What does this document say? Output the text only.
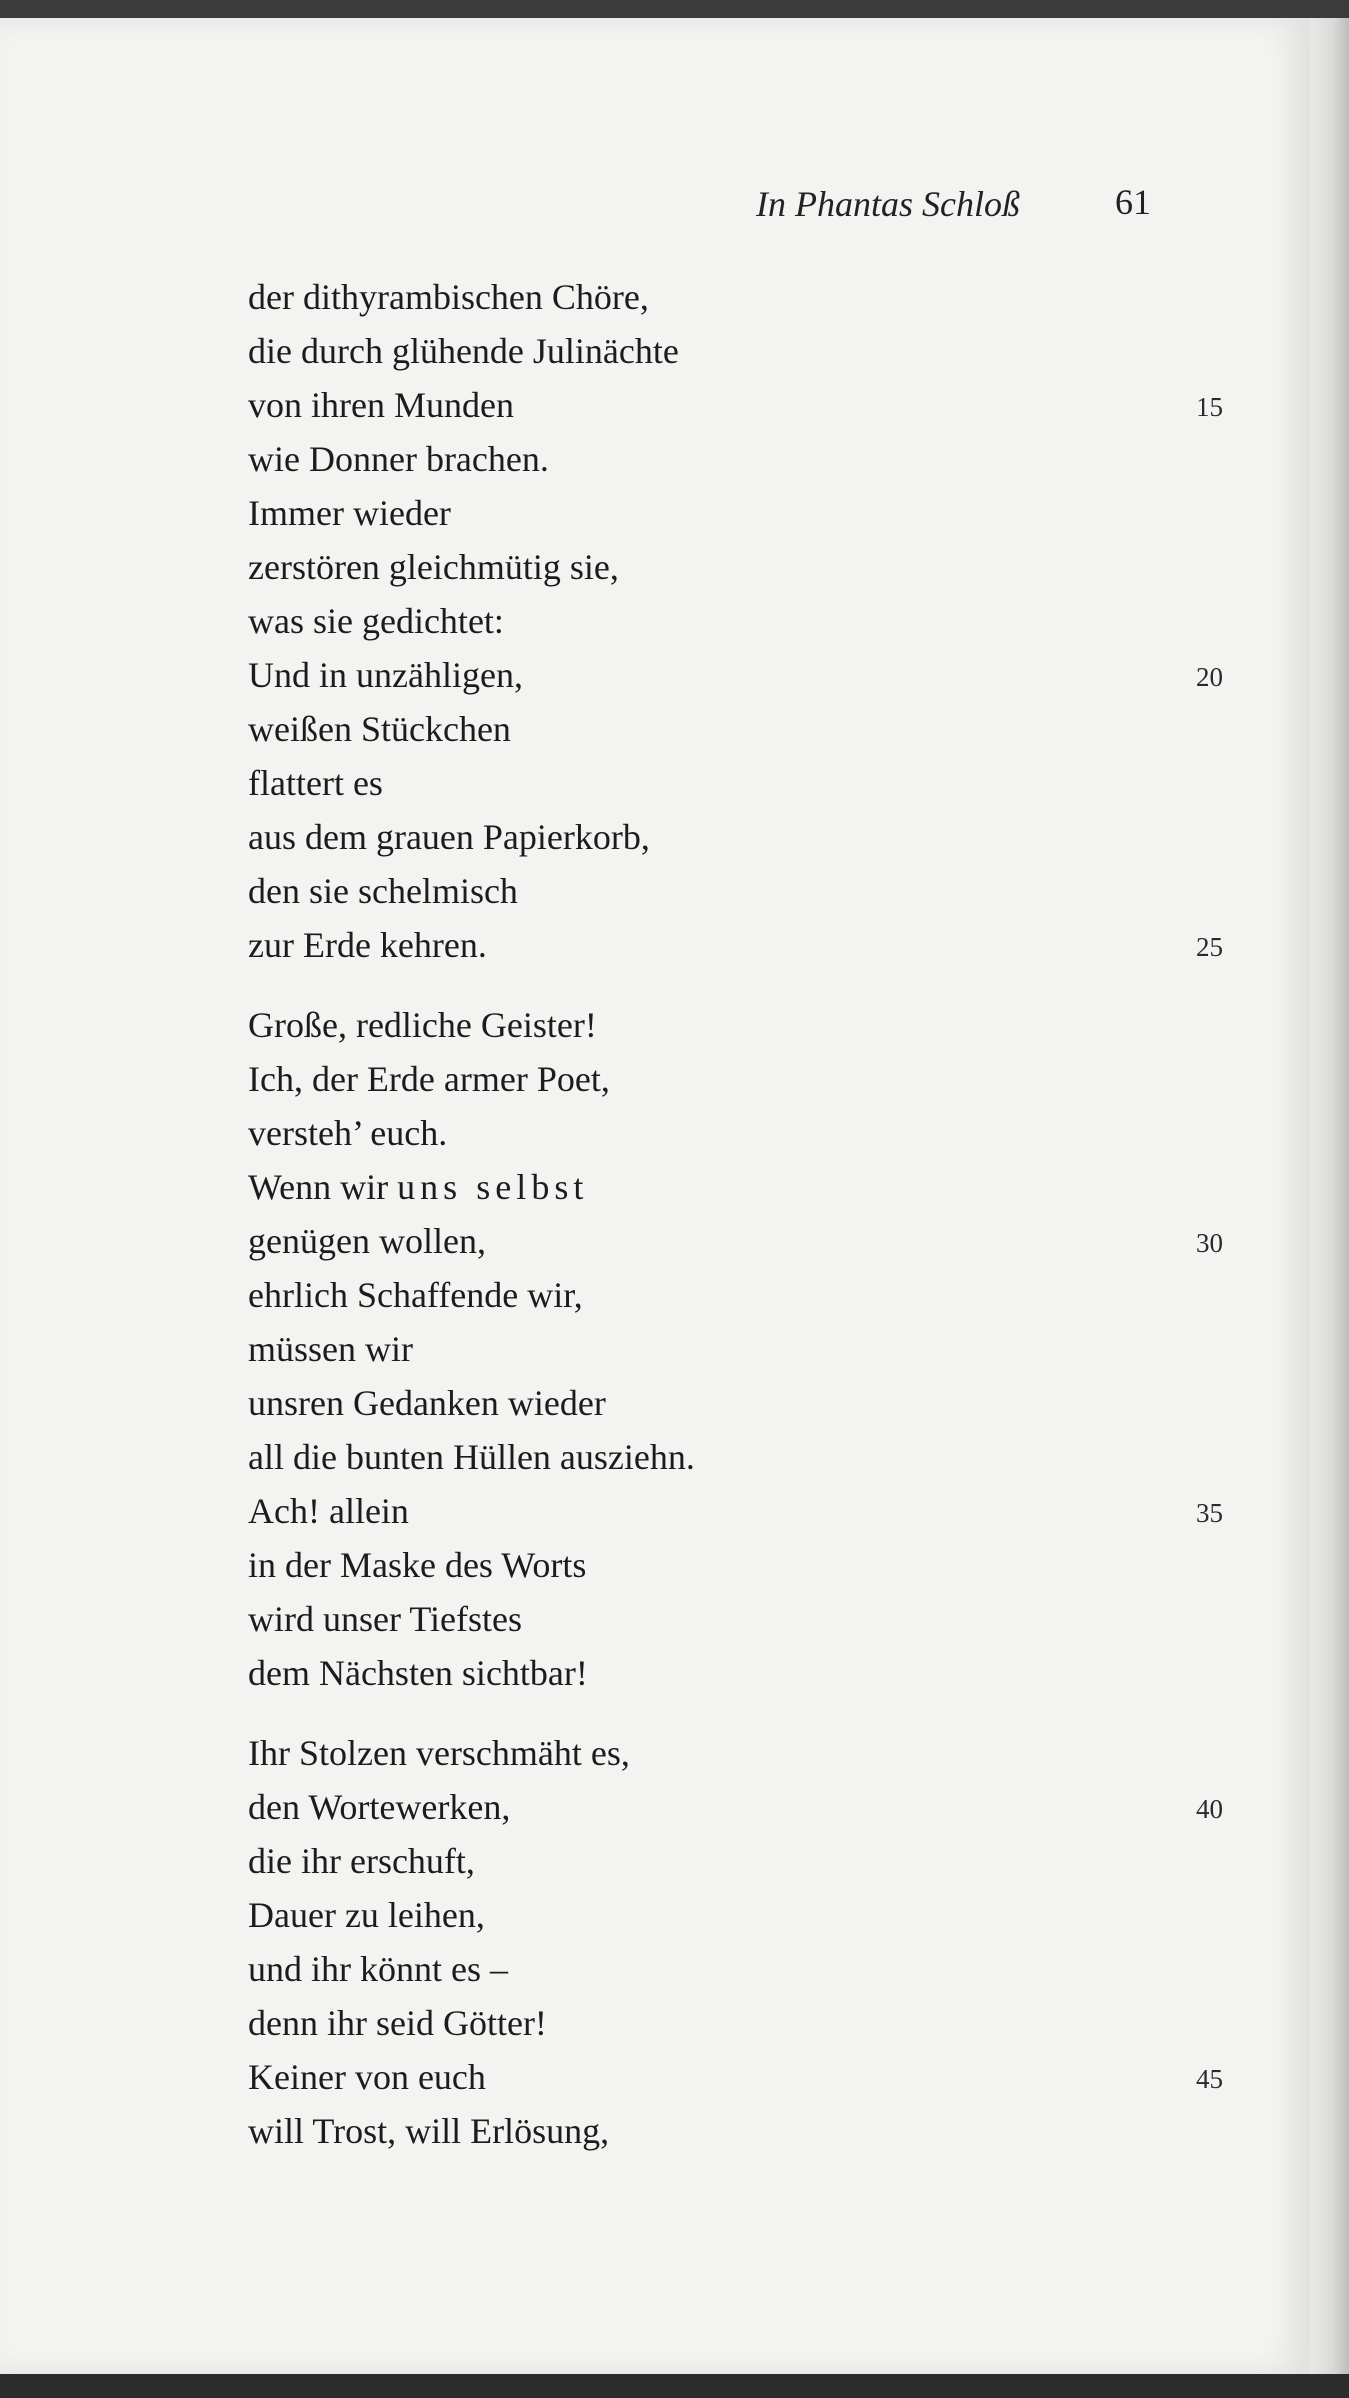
In Phantas Schloß	61
der dithyrambischen Chöre,
die durch glühende Julinächte
von ihren Munden	15
wie Donner brachen.
Immer wieder
zerstören gleichmütig sie,
was sie gedichtet:
Und in unzähligen,	20
weißen Stückchen
flattert es
aus dem grauen Papierkorb,
den sie schelmisch
zur Erde kehren.	25
Große, redliche Geister!
Ich, der Erde armer Poet,
versteh’ euch.
Wenn wir uns selbst
genügen wollen,	30
ehrlich Schaffende wir,
müssen wir
unsren Gedanken wieder
all die bunten Hüllen ausziehn.
Ach! allein	35
in der Maske des Worts
wird unser Tiefstes
dem Nächsten sichtbar!
Ihr Stolzen verschmäht es,
den Wortewerken,	40
die ihr erschuft,
Dauer zu leihen,
und ihr könnt es –
denn ihr seid Götter!
Keiner von euch	45
will Trost, will Erlösung,
